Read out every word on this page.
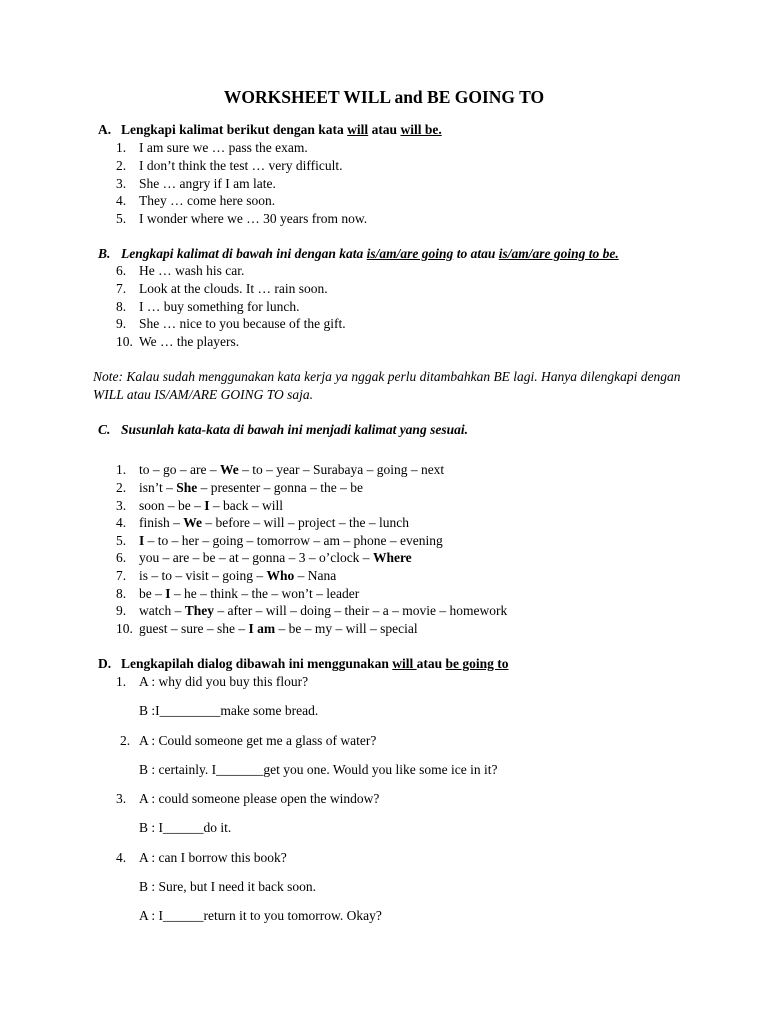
WORKSHEET WILL and BE GOING TO
A. Lengkapi kalimat berikut dengan kata will atau will be.
1. I am sure we … pass the exam.
2. I don’t think the test … very difficult.
3. She … angry if I am late.
4. They … come here soon.
5. I wonder where we … 30 years from now.
B. Lengkapi kalimat di bawah ini dengan kata is/am/are going to atau is/am/are going to be.
6. He … wash his car.
7. Look at the clouds. It … rain soon.
8. I … buy something for lunch.
9. She … nice to you because of the gift.
10. We … the players.
Note: Kalau sudah menggunakan kata kerja ya nggak perlu ditambahkan BE lagi. Hanya dilengkapi dengan WILL atau IS/AM/ARE GOING TO saja.
C. Susunlah kata-kata di bawah ini menjadi kalimat yang sesuai.
1. to – go – are – We – to – year – Surabaya – going – next
2. isn’t – She – presenter – gonna – the – be
3. soon – be – I – back – will
4. finish – We – before – will – project – the – lunch
5. I – to – her – going – tomorrow – am – phone – evening
6. you – are – be – at – gonna – 3 – o’clock – Where
7. is – to – visit – going – Who – Nana
8. be – I – he – think – the – won’t – leader
9. watch – They – after – will – doing – their – a – movie – homework
10. guest – sure – she – I am – be – my – will – special
D. Lengkapilah dialog dibawah ini menggunakan will atau be going to
1. A : why did you buy this flour?
B :I_________make some bread.
2. A : Could someone get me a glass of water?
B : certainly. I_______get you one. Would you like some ice in it?
3. A : could someone please open the window?
B : I______do it.
4. A : can I borrow this book?
B : Sure, but I need it back soon.
A : I______return it to you tomorrow. Okay?
